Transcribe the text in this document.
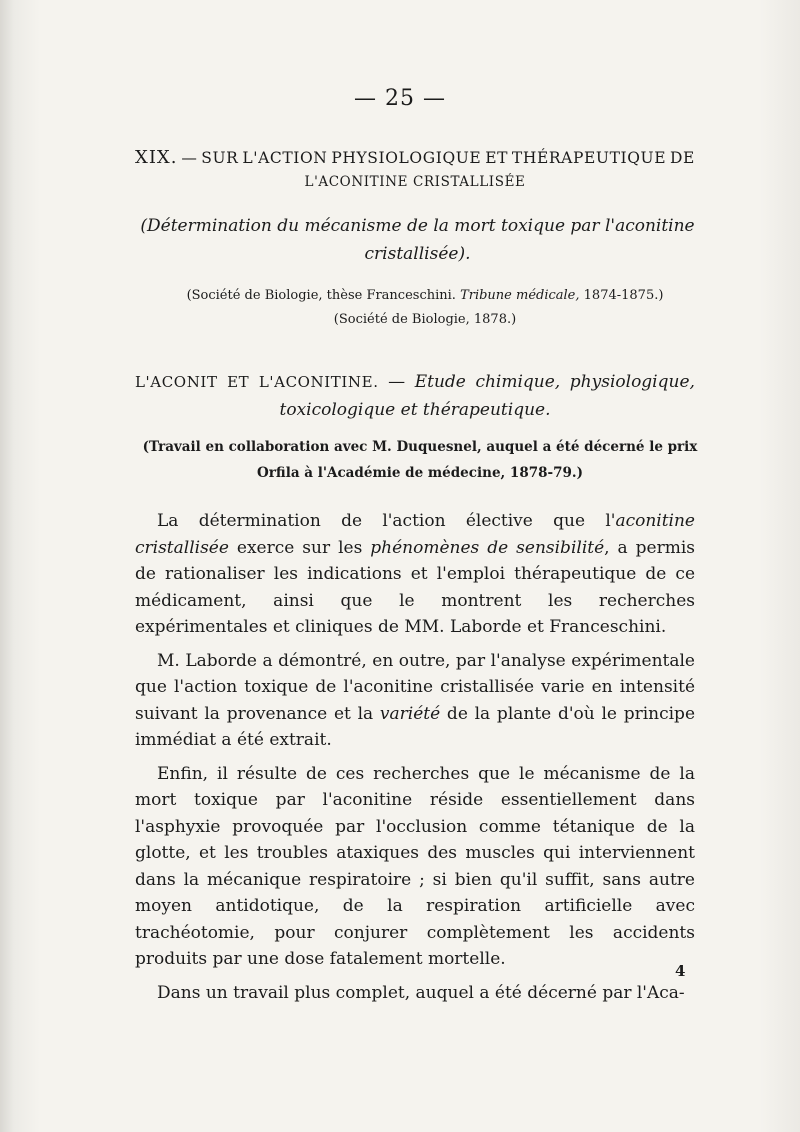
— 25 —
XIX. — SUR L'ACTION PHYSIOLOGIQUE ET THÉRAPEUTIQUE DE
L'ACONITINE CRISTALLISÉE
(Détermination du mécanisme de la mort toxique par l'aconitine cristallisée).
(Société de Biologie, thèse Franceschini. Tribune médicale, 1874-1875.)
(Société de Biologie, 1878.)
L'ACONIT ET L'ACONITINE. — Etude chimique, physiologique,
toxicologique et thérapeutique.
(Travail en collaboration avec M. Duquesnel, auquel a été décerné le prix
Orfila à l'Académie de médecine, 1878-79.)

La détermination de l'action élective que l'aconitine cristallisée exerce sur les phénomènes de sensibilité, a permis de rationaliser les indications et l'emploi thérapeutique de ce médicament, ainsi que le montrent les recherches expérimentales et cliniques de MM. Laborde et Franceschini.

M. Laborde a démontré, en outre, par l'analyse expérimentale que l'action toxique de l'aconitine cristallisée varie en intensité suivant la provenance et la variété de la plante d'où le principe immédiat a été extrait.

Enfin, il résulte de ces recherches que le mécanisme de la mort toxique par l'aconitine réside essentiellement dans l'asphyxie provoquée par l'occlusion comme tétanique de la glotte, et les troubles ataxiques des muscles qui interviennent dans la mécanique respiratoire ; si bien qu'il suffit, sans autre moyen antidotique, de la respiration artificielle avec trachéotomie, pour conjurer complètement les accidents produits par une dose fatalement mortelle.

Dans un travail plus complet, auquel a été décerné par l'Aca-

4
